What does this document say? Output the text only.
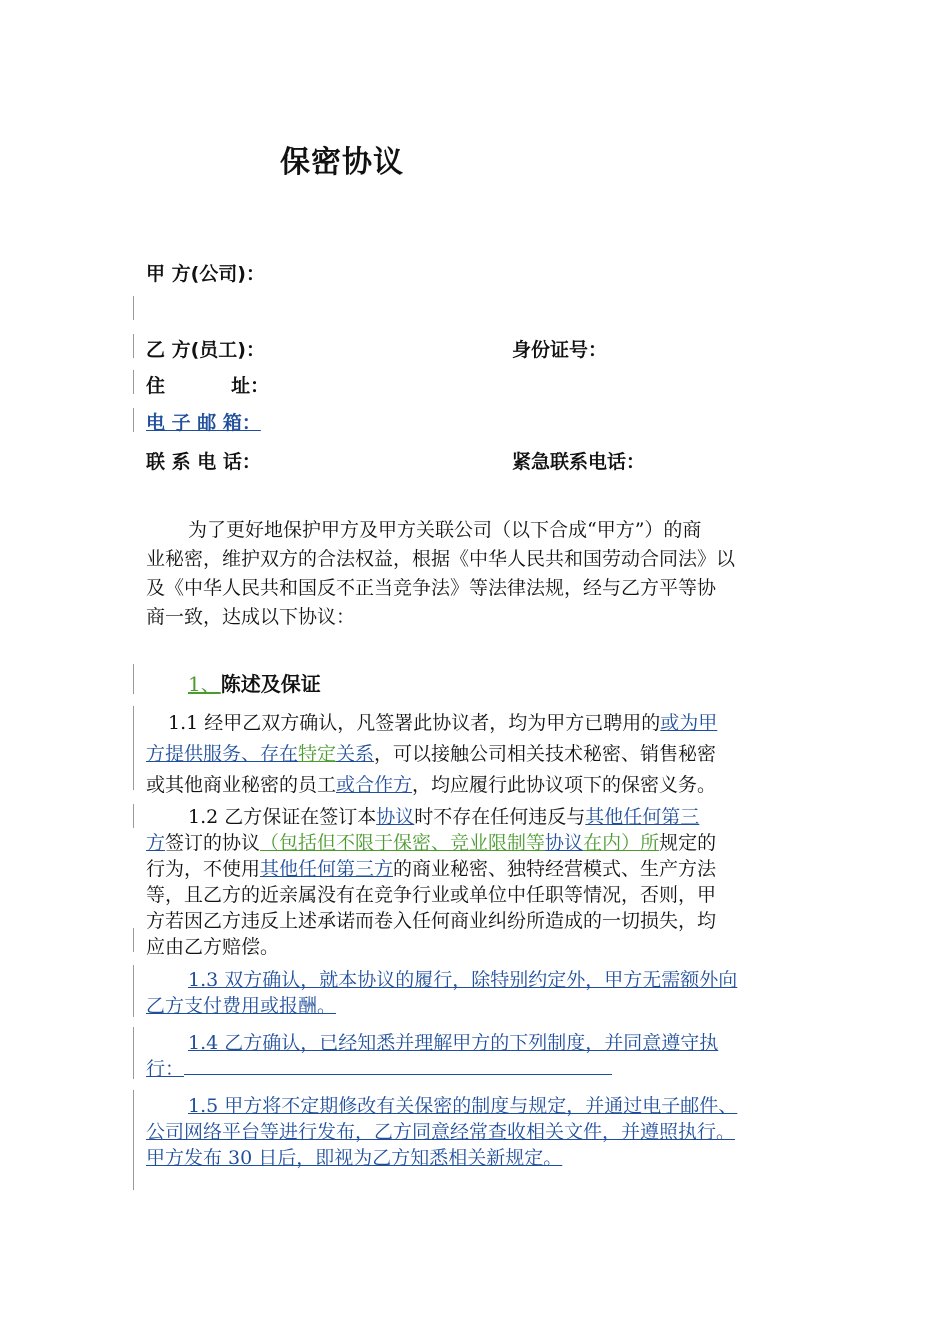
保密协议
甲 方(公司)：
乙 方(员工)：	身份证号：
住          址：
电 子 邮 箱：
联 系 电 话：	紧急联系电话：
为了更好地保护甲方及甲方关联公司（以下合成“甲方”）的商
业秘密，维护双方的合法权益，根据《中华人民共和国劳动合同法》以
及《中华人民共和国反不正当竞争法》等法律法规，经与乙方平等协
商一致，达成以下协议：
1、陈述及保证
1.1 经甲乙双方确认，凡签署此协议者，均为甲方已聘用的或为甲
方提供服务、存在特定关系，可以接触公司相关技术秘密、销售秘密
或其他商业秘密的员工或合作方，均应履行此协议项下的保密义务。
1.2 乙方保证在签订本协议时不存在任何违反与其他任何第三
方签订的协议（包括但不限于保密、竞业限制等协议在内）所规定的
行为，不使用其他任何第三方的商业秘密、独特经营模式、生产方法
等，且乙方的近亲属没有在竞争行业或单位中任职等情况，否则，甲
方若因乙方违反上述承诺而卷入任何商业纠纷所造成的一切损失，均
应由乙方赔偿。
1.3 双方确认，就本协议的履行，除特别约定外，甲方无需额外向
乙方支付费用或报酬。
1.4 乙方确认，已经知悉并理解甲方的下列制度，并同意遵守执
行：
1.5 甲方将不定期修改有关保密的制度与规定，并通过电子邮件、
公司网络平台等进行发布，乙方同意经常查收相关文件，并遵照执行。
甲方发布 30 日后，即视为乙方知悉相关新规定。
